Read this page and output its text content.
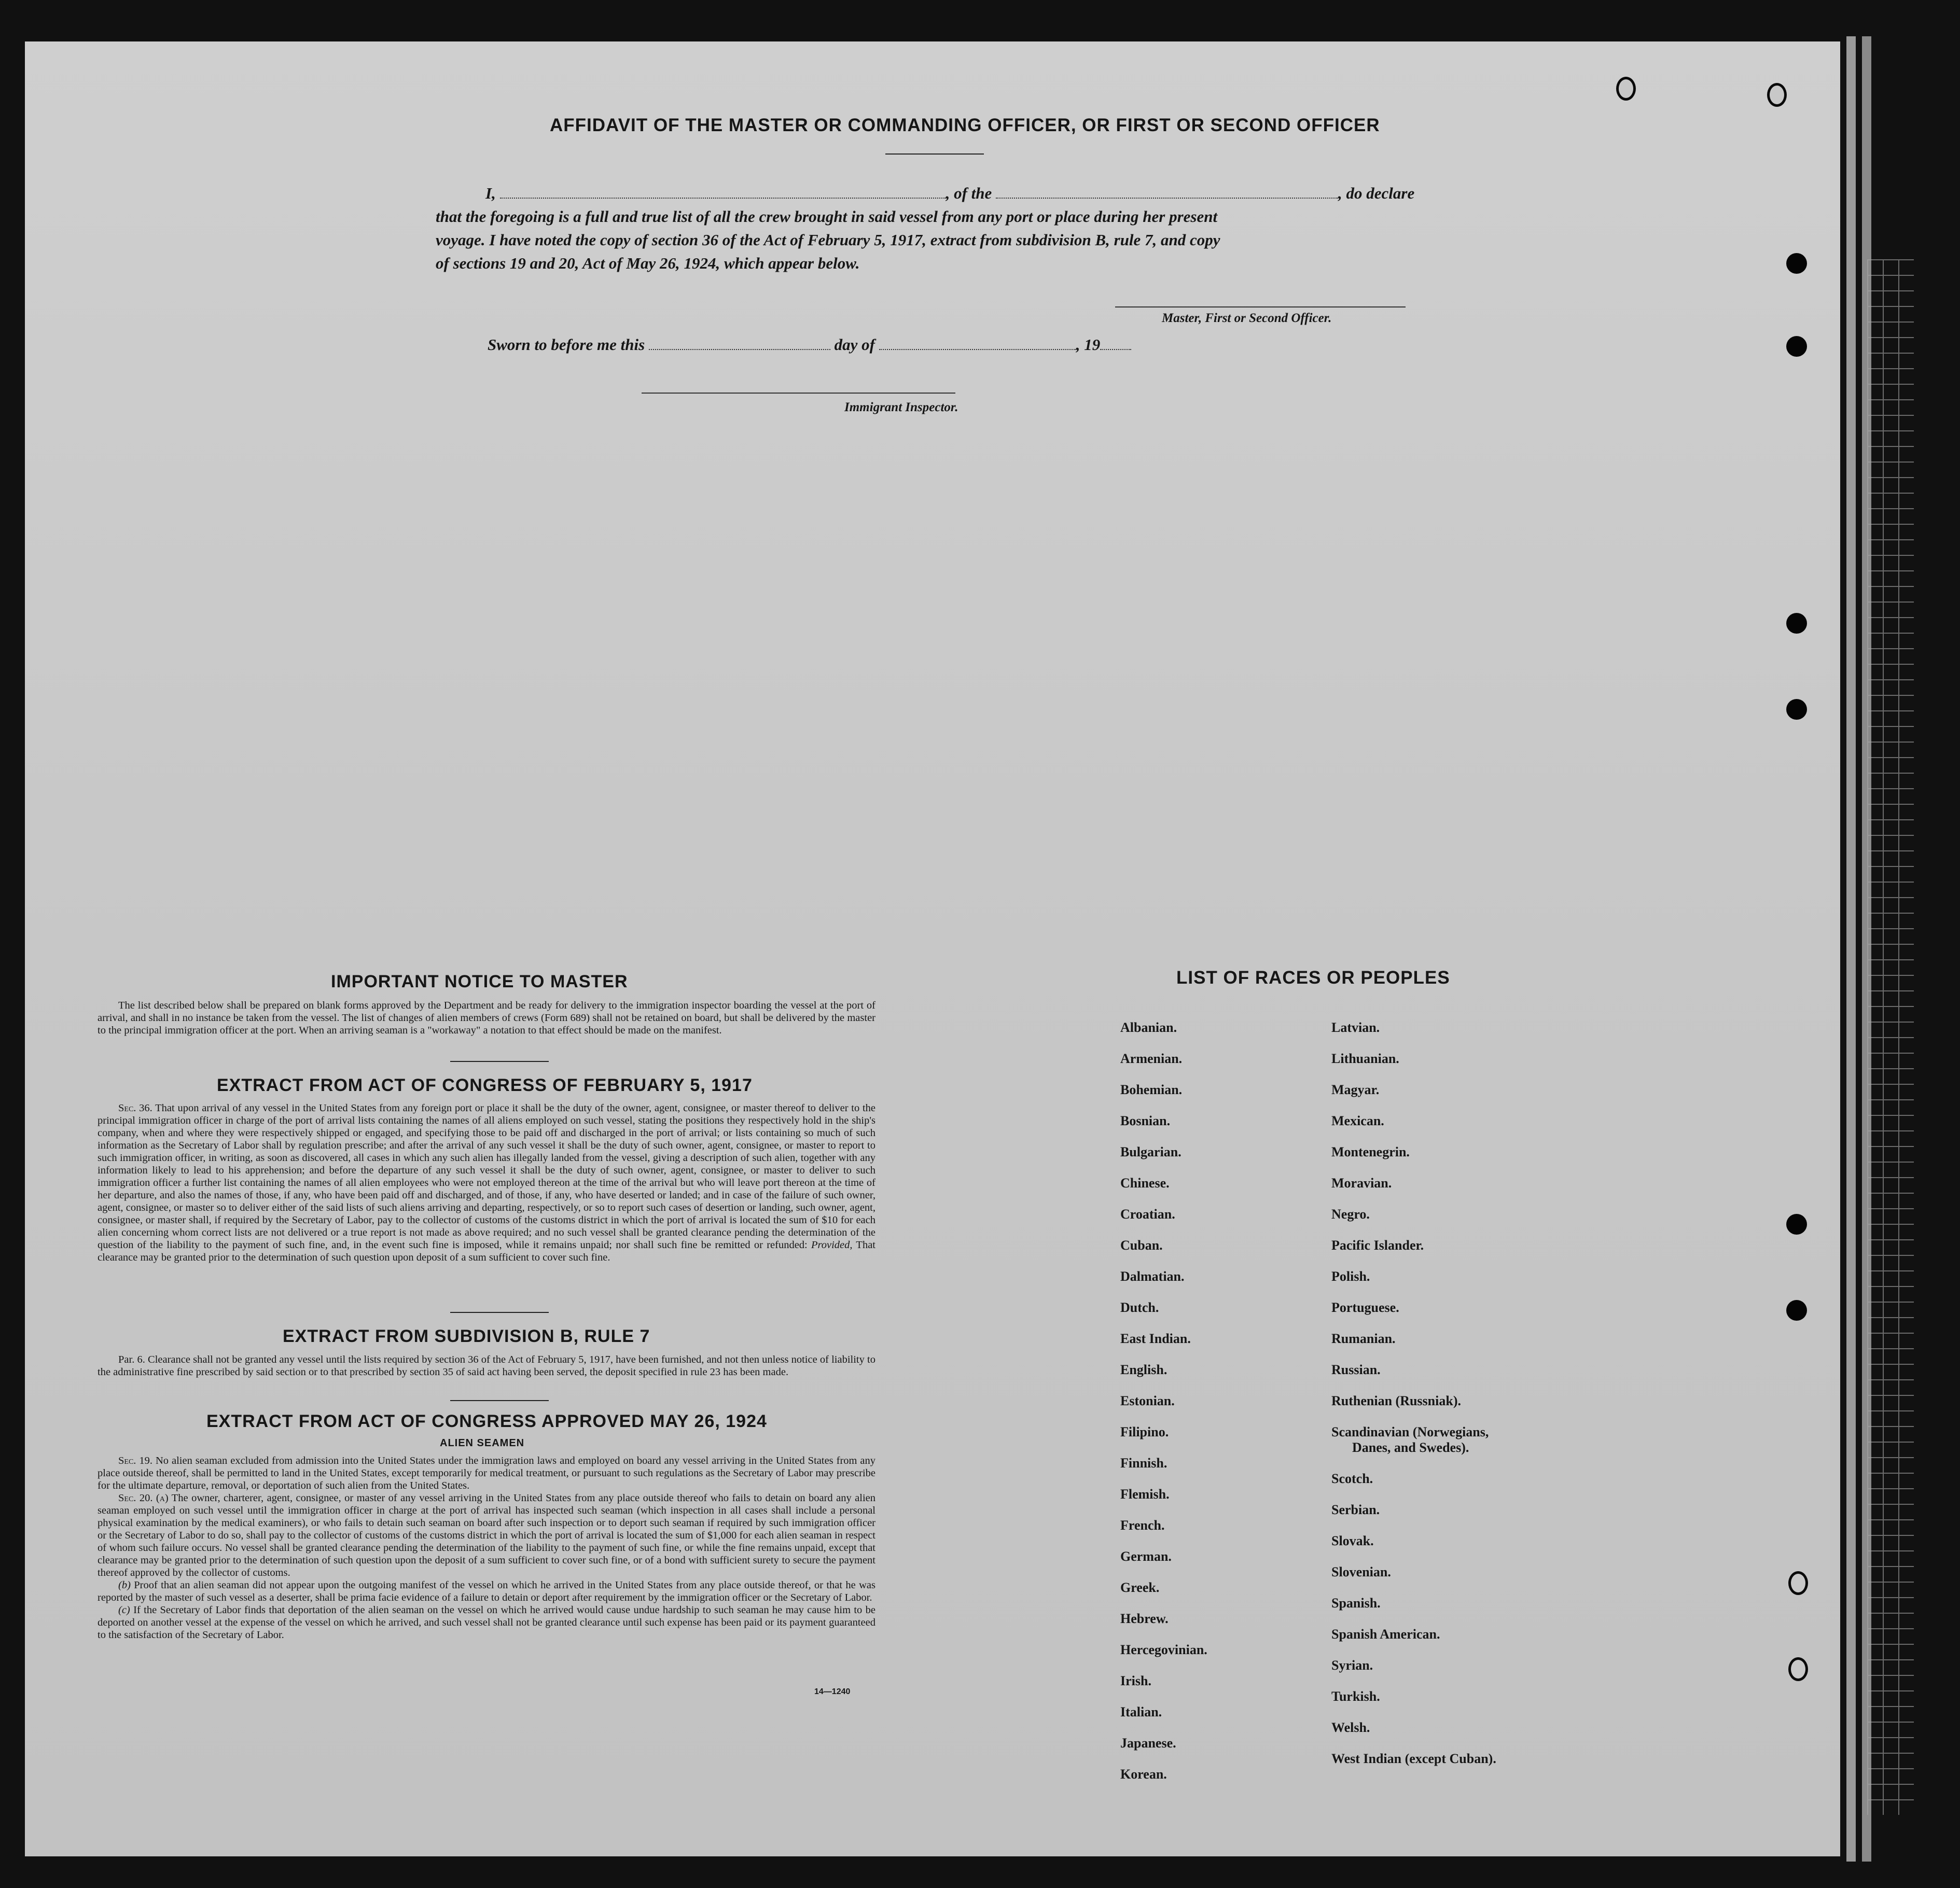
AFFIDAVIT OF THE MASTER OR COMMANDING OFFICER, OR FIRST OR SECOND OFFICER
I,	, of the	, do declare
that the foregoing is a full and true list of all the crew brought in said vessel from any port or place during her present
voyage. I have noted the copy of section 36 of the Act of February 5, 1917, extract from subdivision B, rule 7, and copy
of sections 19 and 20, Act of May 26, 1924, which appear below.
Master, First or Second Officer.
Sworn to before me this	day of	, 19
Immigrant Inspector.
IMPORTANT NOTICE TO MASTER

The list described below shall be prepared on blank forms approved by the Department and be ready for delivery to the immigration inspector boarding the vessel at the port of arrival, and shall in no instance be taken from the vessel. The list of changes of alien members of crews (Form 689) shall not be retained on board, but shall be delivered by the master to the principal immigration officer at the port. When an arriving seaman is a "workaway" a notation to that effect should be made on the manifest.

EXTRACT FROM ACT OF CONGRESS OF FEBRUARY 5, 1917

Sec. 36. That upon arrival of any vessel in the United States from any foreign port or place it shall be the duty of the owner, agent, consignee, or master thereof to deliver to the principal immigration officer in charge of the port of arrival lists containing the names of all aliens employed on such vessel, stating the positions they respectively hold in the ship's company, when and where they were respectively shipped or engaged, and specifying those to be paid off and discharged in the port of arrival; or lists containing so much of such information as the Secretary of Labor shall by regulation prescribe; and after the arrival of any such vessel it shall be the duty of such owner, agent, consignee, or master to report to such immigration officer, in writing, as soon as discovered, all cases in which any such alien has illegally landed from the vessel, giving a description of such alien, together with any information likely to lead to his apprehension; and before the departure of any such vessel it shall be the duty of such owner, agent, consignee, or master to deliver to such immigration officer a further list containing the names of all alien employees who were not employed thereon at the time of the arrival but who will leave port thereon at the time of her departure, and also the names of those, if any, who have been paid off and discharged, and of those, if any, who have deserted or landed; and in case of the failure of such owner, agent, consignee, or master so to deliver either of the said lists of such aliens arriving and departing, respectively, or so to report such cases of desertion or landing, such owner, agent, consignee, or master shall, if required by the Secretary of Labor, pay to the collector of customs of the customs district in which the port of arrival is located the sum of $10 for each alien concerning whom correct lists are not delivered or a true report is not made as above required; and no such vessel shall be granted clearance pending the determination of the question of the liability to the payment of such fine, and, in the event such fine is imposed, while it remains unpaid; nor shall such fine be remitted or refunded: Provided, That clearance may be granted prior to the determination of such question upon deposit of a sum sufficient to cover such fine.

EXTRACT FROM SUBDIVISION B, RULE 7

Par. 6. Clearance shall not be granted any vessel until the lists required by section 36 of the Act of February 5, 1917, have been furnished, and not then unless notice of liability to the administrative fine prescribed by said section or to that prescribed by section 35 of said act having been served, the deposit specified in rule 23 has been made.

EXTRACT FROM ACT OF CONGRESS APPROVED MAY 26, 1924
ALIEN SEAMEN

Sec. 19. No alien seaman excluded from admission into the United States under the immigration laws and employed on board any vessel arriving in the United States from any place outside thereof, shall be permitted to land in the United States, except temporarily for medical treatment, or pursuant to such regulations as the Secretary of Labor may prescribe for the ultimate departure, removal, or deportation of such alien from the United States.

Sec. 20. (a) The owner, charterer, agent, consignee, or master of any vessel arriving in the United States from any place outside thereof who fails to detain on board any alien seaman employed on such vessel until the immigration officer in charge at the port of arrival has inspected such seaman (which inspection in all cases shall include a personal physical examination by the medical examiners), or who fails to detain such seaman on board after such inspection or to deport such seaman if required by such immigration officer or the Secretary of Labor to do so, shall pay to the collector of customs of the customs district in which the port of arrival is located the sum of $1,000 for each alien seaman in respect of whom such failure occurs. No vessel shall be granted clearance pending the determination of the liability to the payment of such fine, or while the fine remains unpaid, except that clearance may be granted prior to the determination of such question upon the deposit of a sum sufficient to cover such fine, or of a bond with sufficient surety to secure the payment thereof approved by the collector of customs.

(b) Proof that an alien seaman did not appear upon the outgoing manifest of the vessel on which he arrived in the United States from any place outside thereof, or that he was reported by the master of such vessel as a deserter, shall be prima facie evidence of a failure to detain or deport after requirement by the immigration officer or the Secretary of Labor.

(c) If the Secretary of Labor finds that deportation of the alien seaman on the vessel on which he arrived would cause undue hardship to such seaman he may cause him to be deported on another vessel at the expense of the vessel on which he arrived, and such vessel shall not be granted clearance until such expense has been paid or its payment guaranteed to the satisfaction of the Secretary of Labor.

14—1240
LIST OF RACES OR PEOPLES
Albanian.
Armenian.
Bohemian.
Bosnian.
Bulgarian.
Chinese.
Croatian.
Cuban.
Dalmatian.
Dutch.
East Indian.
English.
Estonian.
Filipino.
Finnish.
Flemish.
French.
German.
Greek.
Hebrew.
Hercegovinian.
Irish.
Italian.
Japanese.
Korean.
Latvian.
Lithuanian.
Magyar.
Mexican.
Montenegrin.
Moravian.
Negro.
Pacific Islander.
Polish.
Portuguese.
Rumanian.
Russian.
Ruthenian (Russniak).
Scandinavian (Norwegians,
Danes, and Swedes).
Scotch.
Serbian.
Slovak.
Slovenian.
Spanish.
Spanish American.
Syrian.
Turkish.
Welsh.
West Indian (except Cuban).
